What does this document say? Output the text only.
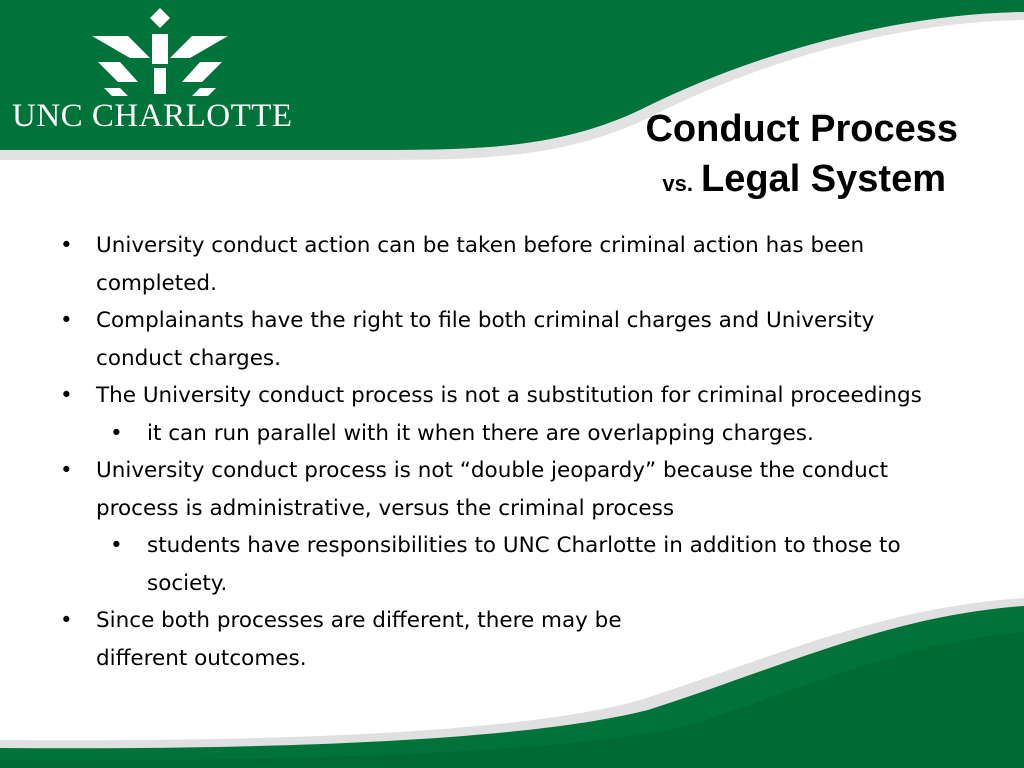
UNC CHARLOTTE	Conduct Process
vs. Legal System
• University conduct action can be taken before criminal action has been completed.
• Complainants have the right to file both criminal charges and University conduct charges.
• The University conduct process is not a substitution for criminal proceedings
• it can run parallel with it when there are overlapping charges.
• University conduct process is not “double jeopardy” because the conduct process is administrative, versus the criminal process
• students have responsibilities to UNC Charlotte in addition to those to society.
• Since both processes are different, there may be different outcomes.
